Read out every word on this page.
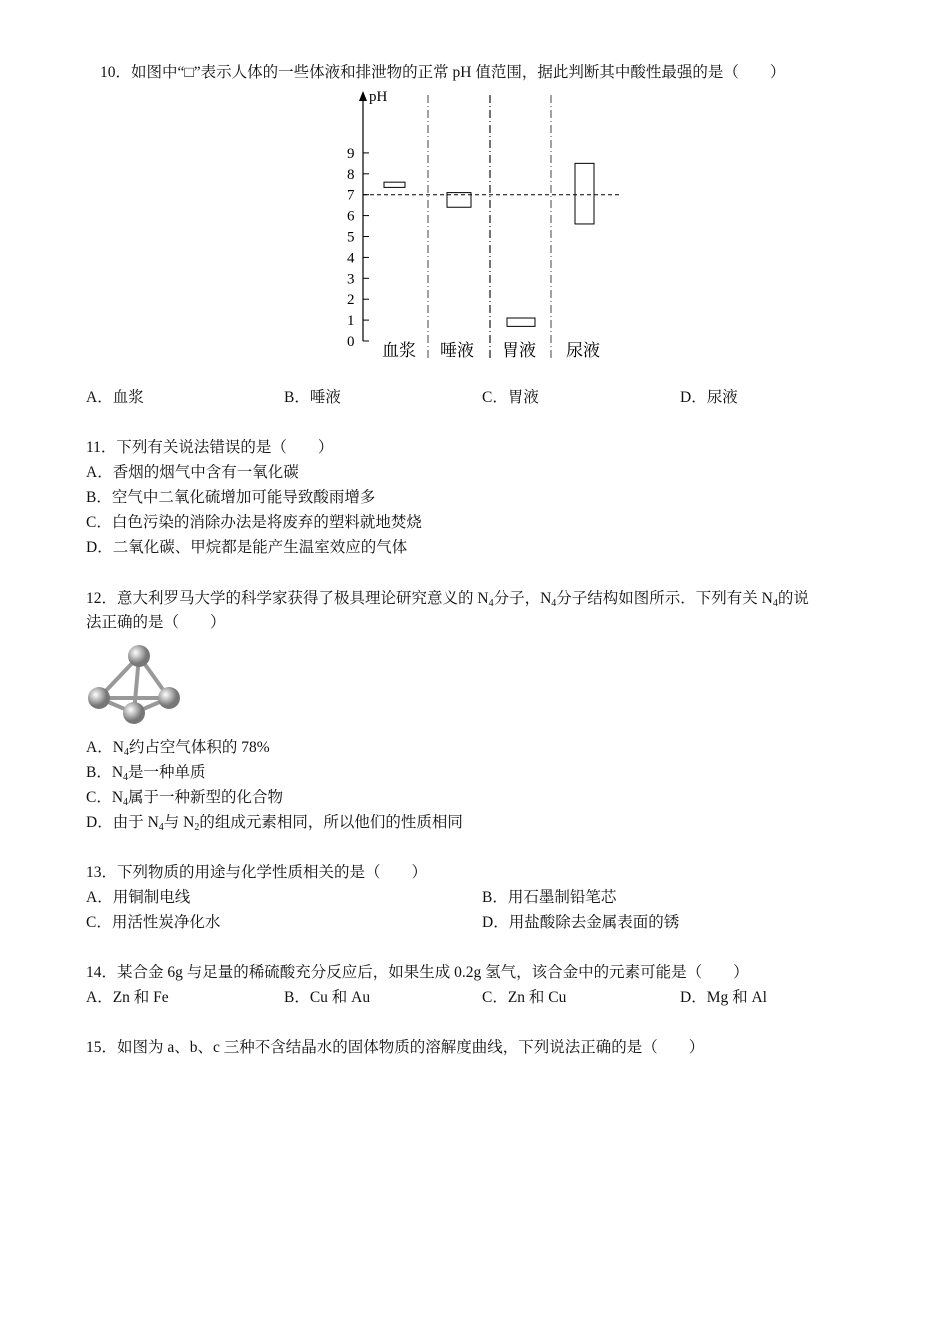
10．如图中“□”表示人体的一些体液和排泄物的正常 pH 值范围，据此判断其中酸性最强的是（　　）
pH
0
1
2
3
4
5
6
7
8
9
血浆 唾液 胃液 尿液
A．血浆	B．唾液	C．胃液	D．尿液
11．下列有关说法错误的是（　　）
A．香烟的烟气中含有一氧化碳
B．空气中二氧化硫增加可能导致酸雨增多
C．白色污染的消除办法是将废弃的塑料就地焚烧
D．二氧化碳、甲烷都是能产生温室效应的气体
12．意大利罗马大学的科学家获得了极具理论研究意义的 $N_4$分子，$N_4$分子结构如图所示．下列有关 $N_4$的说
法正确的是（　　）
A．$N_4$约占空气体积的 78%
B．$N_4$是一种单质
C．$N_4$属于一种新型的化合物
D．由于 $N_4$与 $N_2$的组成元素相同，所以他们的性质相同
13．下列物质的用途与化学性质相关的是（　　）
A．用铜制电线	B．用石墨制铅笔芯
C．用活性炭净化水	D．用盐酸除去金属表面的锈
14．某合金 6g 与足量的稀硫酸充分反应后，如果生成 0.2g 氢气，该合金中的元素可能是（　　）
A．Zn 和 Fe	B．Cu 和 Au	C．Zn 和 Cu	D．Mg 和 Al
15．如图为 a、b、c 三种不含结晶水的固体物质的溶解度曲线，下列说法正确的是（　　）
